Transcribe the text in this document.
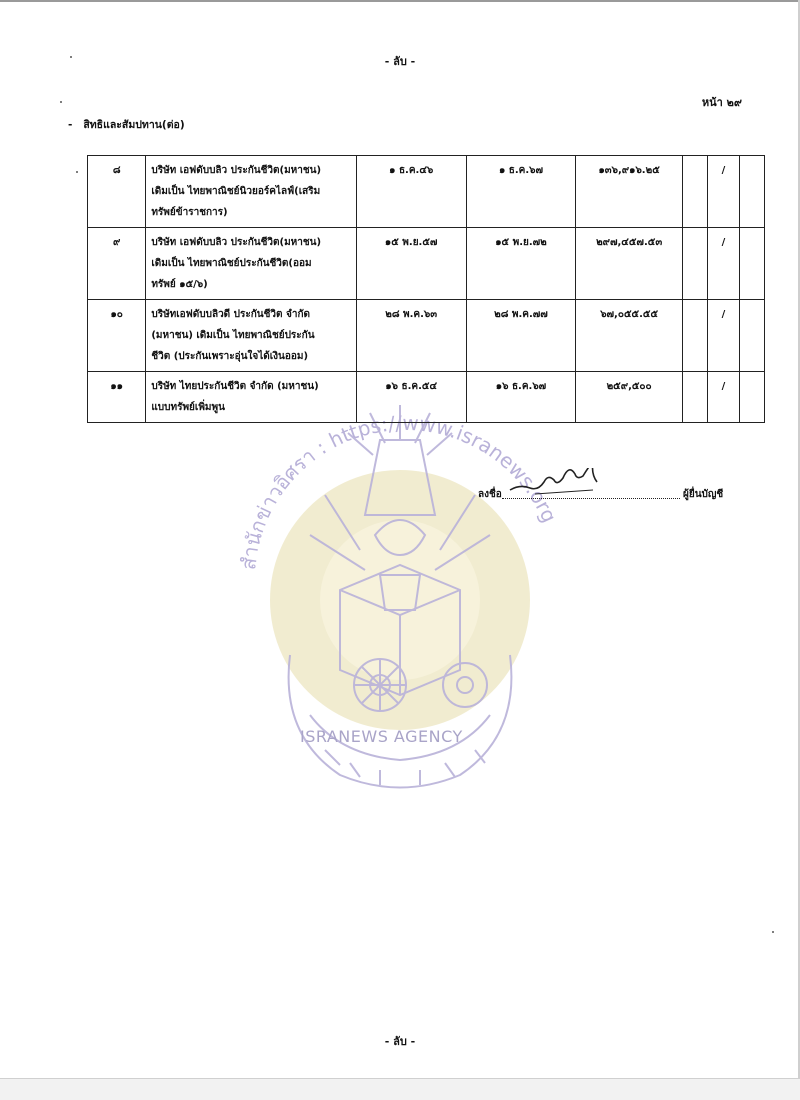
สำนักข่าวอิศรา : https://www.isranews.org
ISRANEWS AGENCY
- ลับ -
หน้า ๒๙
- สิทธิและสัมปทาน(ต่อ)
๘	บริษัท เอฟดับบลิว ประกันชีวิต(มหาชน)
เดิมเป็น ไทยพาณิชย์นิวยอร์คไลฟ์(เสริม
ทรัพย์ข้าราชการ)	๑ ธ.ค.๔๖	๑ ธ.ค.๖๗	๑๓๖,๙๑๖.๒๕		/	
๙	บริษัท เอฟดับบลิว ประกันชีวิต(มหาชน)
เดิมเป็น ไทยพาณิชย์ประกันชีวิต(ออม
ทรัพย์ ๑๕/๖)	๑๕ พ.ย.๕๗	๑๕ พ.ย.๗๒	๒๙๗,๔๕๗.๕๓		/	
๑๐	บริษัทเอฟดับบลิวดี ประกันชีวิต จำกัด
(มหาชน) เดิมเป็น ไทยพาณิชย์ประกัน
ชีวิต (ประกันเพราะอุ่นใจได้เงินออม)	๒๘ พ.ค.๖๓	๒๘ พ.ค.๗๗	๖๗,๐๕๕.๕๕		/	
๑๑	บริษัท ไทยประกันชีวิต จำกัด (มหาชน)
แบบทรัพย์เพิ่มพูน	๑๖ ธ.ค.๕๔	๑๖ ธ.ค.๖๗	๒๕๙,๕๐๐		/	
ลงชื่อ	ผู้ยื่นบัญชี
- ลับ -
